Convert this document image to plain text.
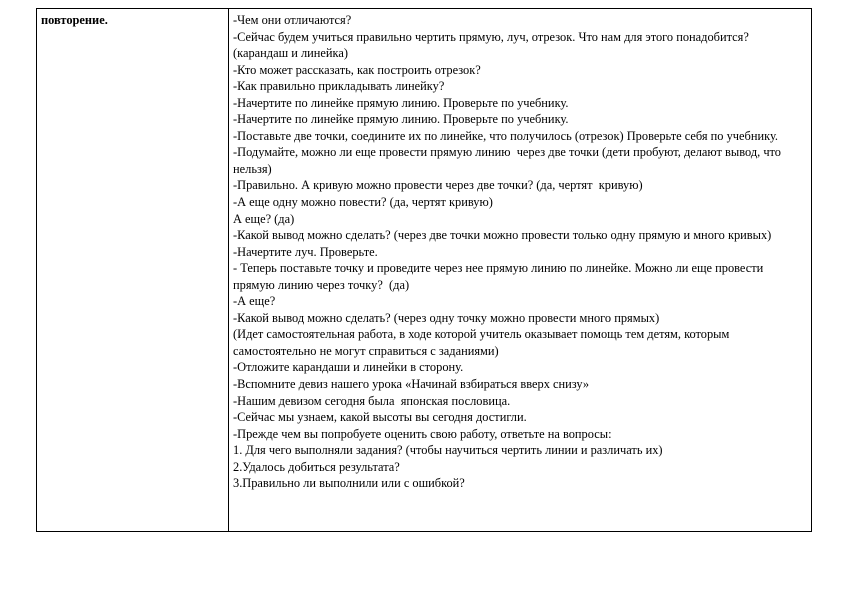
повторение.	-Чем они отличаются?
-Сейчас будем учиться правильно чертить прямую, луч, отрезок. Что нам для этого понадобится? (карандаш и линейка)
-Кто может рассказать, как построить отрезок?
-Как правильно прикладывать линейку?
-Начертите по линейке прямую линию. Проверьте по учебнику.
-Начертите по линейке прямую линию. Проверьте по учебнику.
-Поставьте две точки, соедините их по линейке, что получилось (отрезок) Проверьте себя по учебнику.
-Подумайте, можно ли еще провести прямую линию  через две точки (дети пробуют, делают вывод, что нельзя)
-Правильно. А кривую можно провести через две точки? (да, чертят  кривую)
-А еще одну можно повести? (да, чертят кривую)
А еще? (да)
-Какой вывод можно сделать? (через две точки можно провести только одну прямую и много кривых)
-Начертите луч. Проверьте.
- Теперь поставьте точку и проведите через нее прямую линию по линейке. Можно ли еще провести прямую линию через точку?  (да)
-А еще?
-Какой вывод можно сделать? (через одну точку можно провести много прямых)
(Идет самостоятельная работа, в ходе которой учитель оказывает помощь тем детям, которым самостоятельно не могут справиться с заданиями)
-Отложите карандаши и линейки в сторону.
-Вспомните девиз нашего урока «Начинай взбираться вверх снизу»
-Нашим девизом сегодня была  японская пословица.
-Сейчас мы узнаем, какой высоты вы сегодня достигли.
-Прежде чем вы попробуете оценить свою работу, ответьте на вопросы:
1. Для чего выполняли задания? (чтобы научиться чертить линии и различать их)
2.Удалось добиться результата?
3.Правильно ли выполнили или с ошибкой?
